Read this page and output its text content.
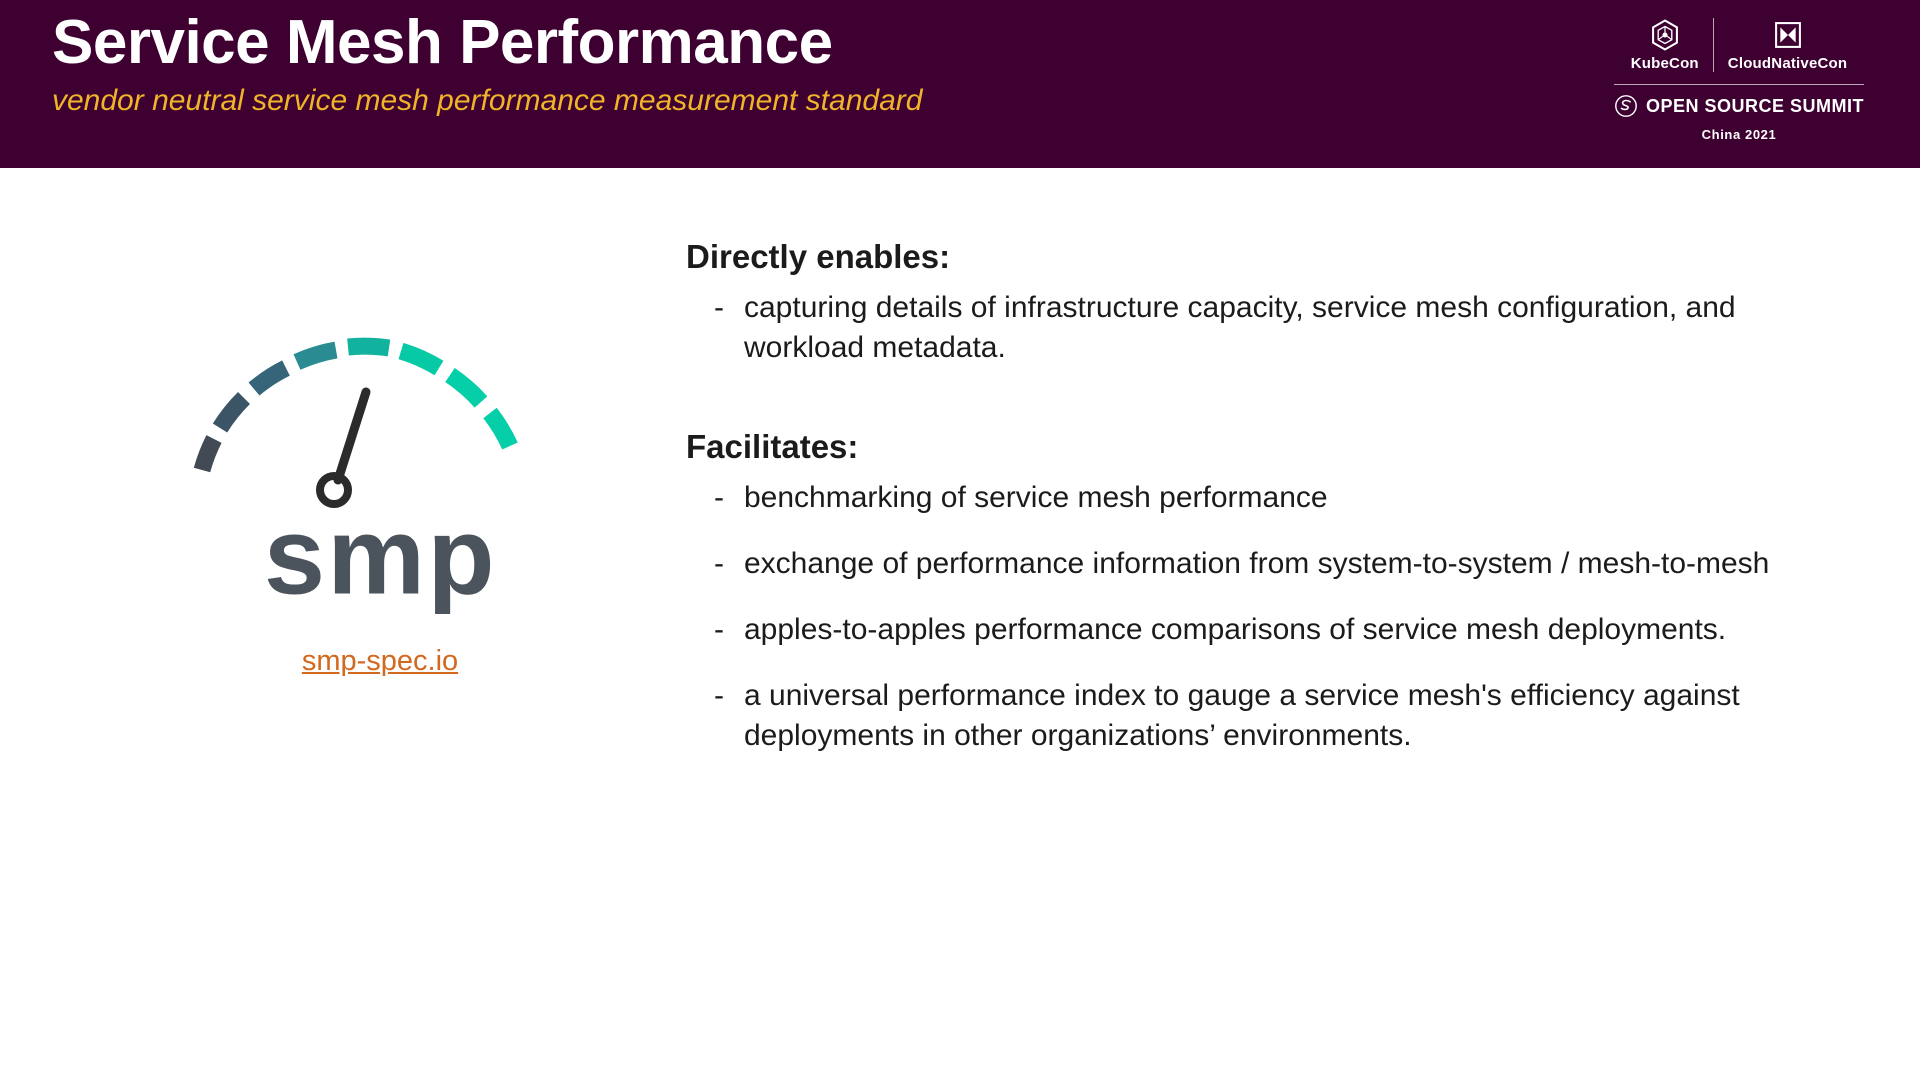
Service Mesh Performance
vendor neutral service mesh performance measurement standard
KubeCon CloudNativeCon
OPEN SOURCE SUMMIT
China 2021
smp
smp-spec.io
Directly enables:
- capturing details of infrastructure capacity, service mesh configuration, and workload metadata.
Facilitates:
- benchmarking of service mesh performance
- exchange of performance information from system-to-system / mesh-to-mesh
- apples-to-apples performance comparisons of service mesh deployments.
- a universal performance index to gauge a service mesh's efficiency against deployments in other organizations’ environments.
